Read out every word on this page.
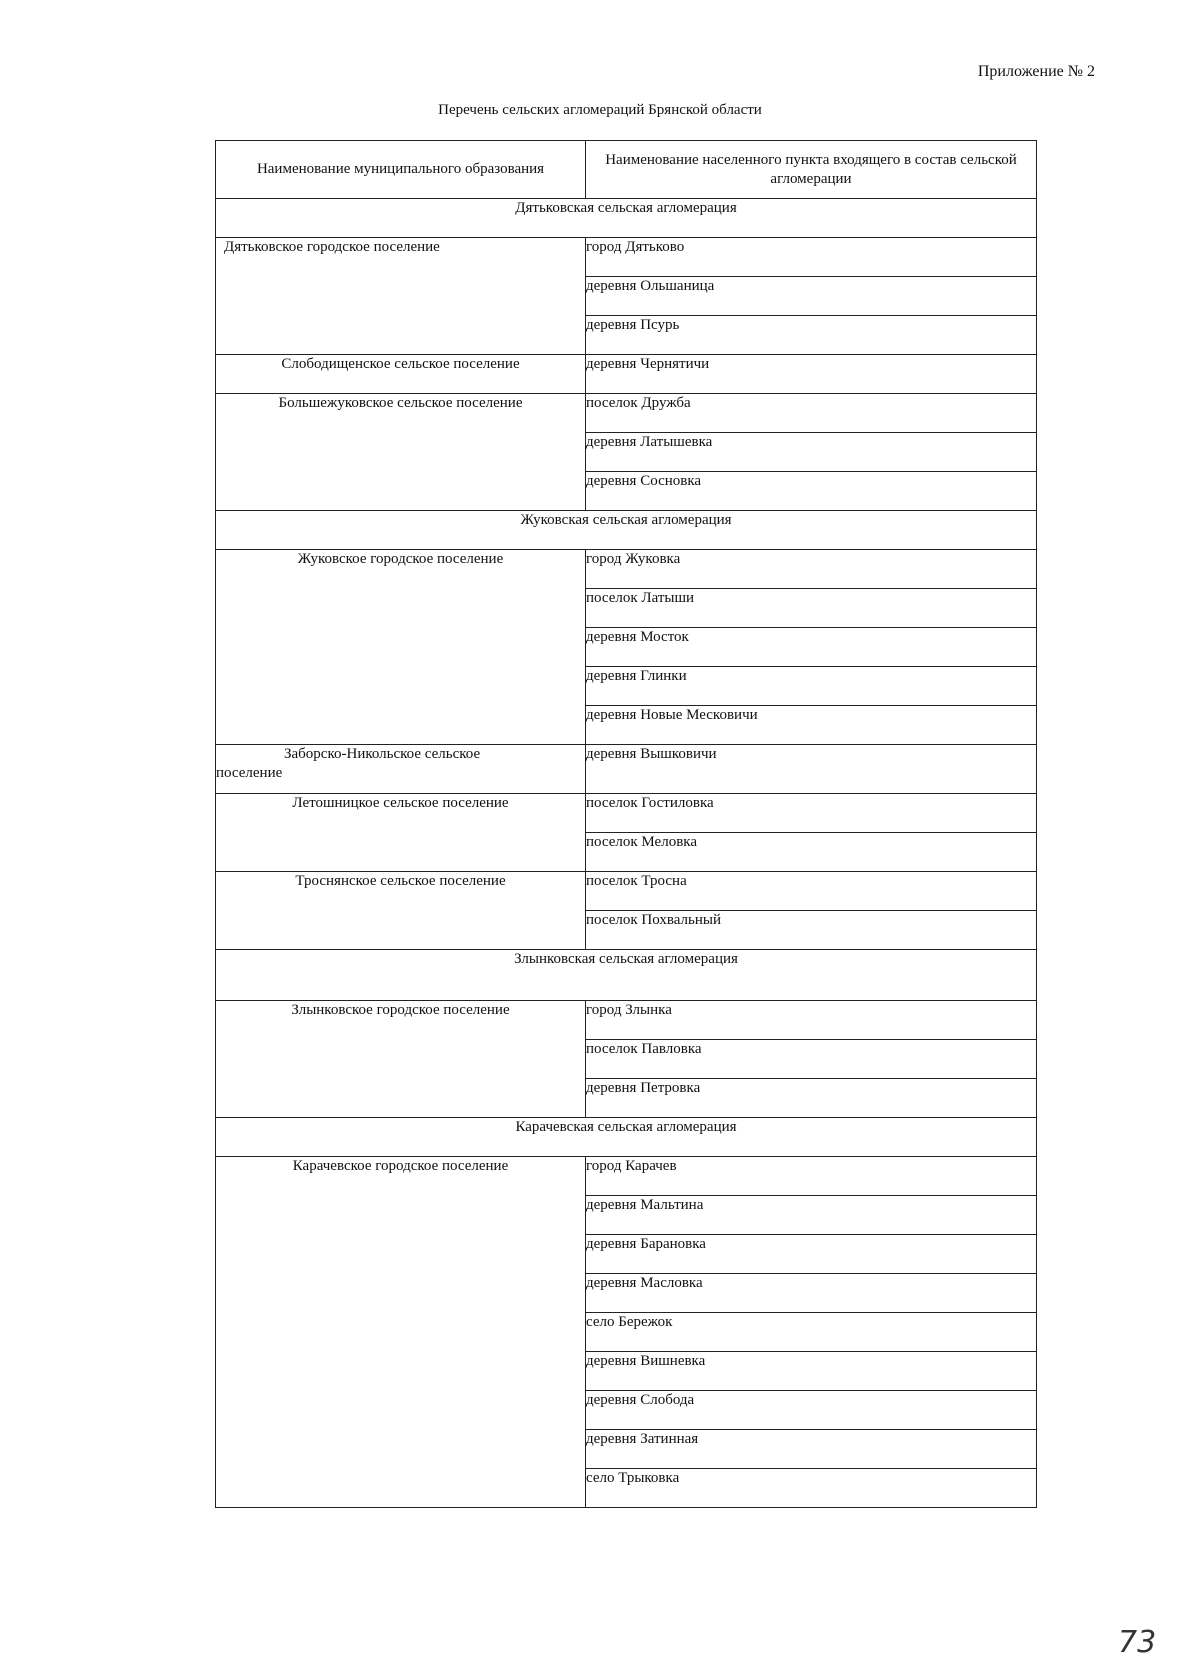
Приложение № 2
Перечень сельских агломераций Брянской области
Наименование муниципального образования	Наименование населенного пункта входящего в состав сельской агломерации
Дятьковская сельская агломерация	
Дятьковское городское поселение	город Дятьково
	деревня Ольшаница
	деревня Псурь
Слободищенское сельское поселение	деревня Чернятичи
Большежуковское сельское поселение	поселок Дружба
	деревня Латышевка
	деревня Сосновка
Жуковская сельская агломерация	
Жуковское городское поселение	город Жуковка
	поселок Латыши
	деревня Мосток
	деревня Глинки
	деревня Новые Месковичи

Заборско-Никольское сельское
поселение	деревня Вышковичи
Летошницкое сельское поселение	поселок Гостиловка
	поселок Меловка
Троснянское сельское поселение	поселок Тросна
	поселок Похвальный
Злынковская сельская агломерация	
Злынковское городское поселение	город Злынка
	поселок Павловка
	деревня Петровка
Карачевская сельская агломерация	
Карачевское городское поселение	город Карачев
	деревня Мальтина
	деревня Барановка
	деревня Масловка
	село Бережок
	деревня Вишневка
	деревня Слобода
	деревня Затинная
	село Трыковка
73
